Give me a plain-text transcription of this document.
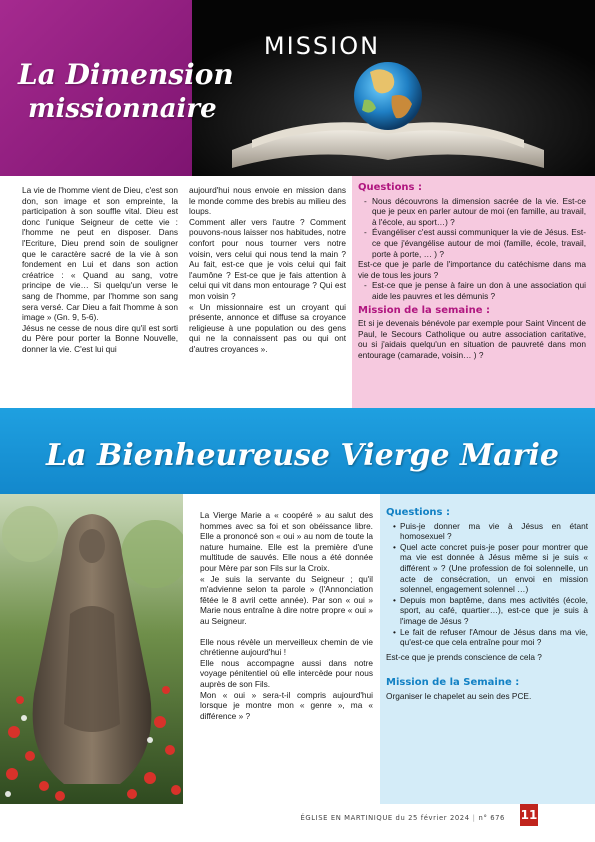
MISSION
La Dimension
missionnaire

La vie de l'homme vient de Dieu, c'est son don, son image et son empreinte, la participation à son souffle vital. Dieu est donc l'unique Seigneur de cette vie : l'homme ne peut en disposer. Dans l'Ecriture, Dieu prend soin de souligner que le caractère sacré de la vie à son fondement en Lui et dans son action créatrice : « Quand au sang, votre principe de vie… Si quelqu'un verse le sang de l'homme, par l'homme son sang sera versé. Car Dieu a fait l'homme à son image » (Gn. 9, 5-6).

Jésus ne cesse de nous dire qu'il est sorti du Père pour porter la Bonne Nouvelle, donner la vie. C'est lui qui

aujourd'hui nous envoie en mission dans le monde comme des brebis au milieu des loups.

Comment aller vers l'autre ? Comment pouvons-nous laisser nos habitudes, notre confort pour nous tourner vers notre voisin, vers celui qui nous tend la main ? Au fait, est-ce que je vois celui qui fait l'aumône ? Est-ce que je fais attention à celui qui vit dans mon entourage ? Qui est mon voisin ?

« Un missionnaire est un croyant qui présente, annonce et diffuse sa croyance religieuse à une population ou des gens qui ne la connaissent pas ou qui ont d'autres croyances ».

Questions :
- Nous découvrons la dimension sacrée de la vie. Est-ce que je peux en parler autour de moi (en famille, au travail, à l'école, au sport…) ?
- Évangéliser c'est aussi communiquer la vie de Jésus. Est-ce que j'évangélise autour de moi (famille, école, travail, porte à porte, … ) ?

Est-ce que je parle de l'importance du catéchisme dans ma vie de tous les jours ?

- Est-ce que je pense à faire un don à une association qui aide les pauvres et les démunis ?
Mission de la semaine :

Et si je devenais bénévole par exemple pour Saint Vincent de Paul, le Secours Catholique ou autre association caritative, ou si j'aidais quelqu'un en situation de pauvreté dans mon entourage (camarade, voisin… ) ?

La Bienheureuse Vierge Marie

La Vierge Marie a « coopéré » au salut des hommes avec sa foi et son obéissance libre. Elle a prononcé son « oui » au nom de toute la nature humaine. Elle est la première d'une multitude de sauvés. Elle nous a été donnée pour Mère par son Fils sur la Croix.

« Je suis la servante du Seigneur ; qu'il m'advienne selon ta parole » (l'Annonciation fêtée le 8 avril cette année). Par son « oui » Marie nous entraîne à dire notre propre « oui » au Seigneur.

Elle nous révèle un merveilleux chemin de vie chrétienne aujourd'hui !

Elle nous accompagne aussi dans notre voyage pénitentiel où elle intercède pour nous auprès de son Fils.

Mon « oui » sera-t-il compris aujourd'hui lorsque je montre mon « genre », ma « différence » ?

Questions :
• Puis-je donner ma vie à Jésus en étant homosexuel ?
• Quel acte concret puis-je poser pour montrer que ma vie est donnée à Jésus même si je suis « différent » ? (Une profession de foi solennelle, un acte de consécration, un envoi en mission solennel, engagement solennel …)
• Depuis mon baptême, dans mes activités (école, sport, au café, quartier…), est-ce que je suis à l'image de Jésus ?
• Le fait de refuser l'Amour de Jésus dans ma vie, qu'est-ce que cela entraîne pour moi ?

Est-ce que je prends conscience de cela ?

Mission de la Semaine :

Organiser le chapelet au sein des PCE.

ÉGLISE EN MARTINIQUE du 25 février 2024 | n° 676 11
